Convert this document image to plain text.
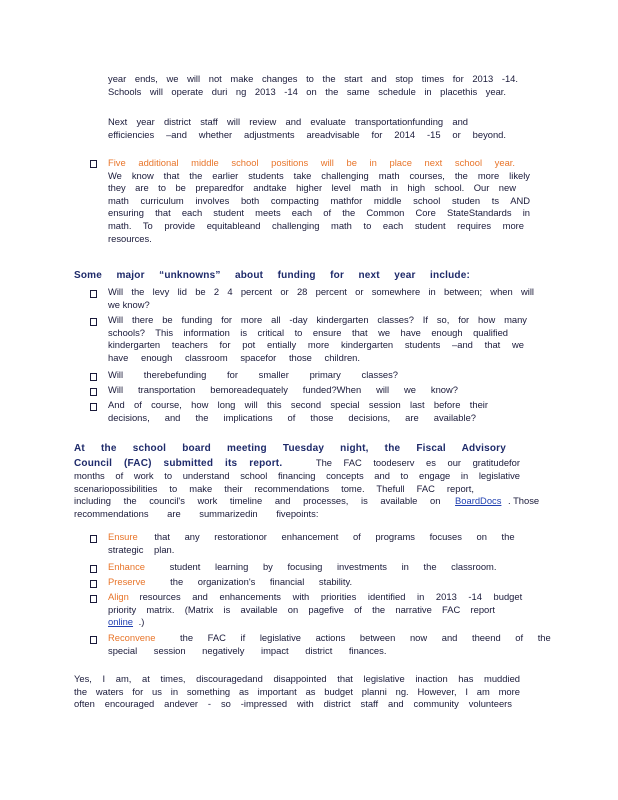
year ends, we will not make changes to the start and stop times for 2013 -14.
Schools will operate duri ng 2013 -14 on the same schedule in placethis year.
Next year district staff will review and evaluate transportationfunding and
efficiencies –and whether adjustments areadvisable for 2014 -15 or beyond.
Five additional middle school positions will be in place next school year.
We know that the earlier students take challenging math courses, the more likely
they are to be preparedfor andtake higher level math in high school. Our new
math curriculum involves both compacting mathfor middle school studen ts AND
ensuring that each student meets each of the Common Core StateStandards in
math. To provide equitableand challenging math to each student requires more
resources.
Some major “unknowns” about funding for next year include:
Will the levy lid be 2 4 percent or 28 percent or somewhere in between; when will
we know?
Will there be funding for more all -day kindergarten classes? If so, for how many
schools? This information is critical to ensure that we have enough qualified
kindergarten teachers for pot entially more kindergarten students –and that we
have enough classroom spacefor those children.
Will therebefunding for smaller primary classes?
Will transportation bemoreadequately funded?When will we know?
And of course, how long will this second special session last before their
decisions, and the implications of those decisions, are available?
At the school board meeting Tuesday night, the Fiscal Advisory
Council (FAC) submitted its report.	The FAC toodeserv es our gratitudefor
months of work to understand school financing concepts and to engage in legislative
scenariopossibilities to make their recommendations tome. Thefull FAC report,
including the council's work timeline and processes, is available on BoardDocs . Those
recommendations are summarizedin fivepoints:
Ensure that any restorationor enhancement of programs focuses on the
strategic plan.
Enhance	student learning by focusing investments in the classroom.
Preserve	the organization's financial stability.
Align resources and enhancements with priorities identified in 2013 -14 budget
priority matrix. (Matrix is available on pagefive of the narrative FAC report
online .)
Reconvene	the FAC if legislative actions between now and theend of the
special session negatively impact district finances.
Yes, I am, at times, discouragedand disappointed that legislative inaction has muddied
the waters for us in something as important as budget planni ng. However, I am more
often encouraged andever - so -impressed with district staff and community volunteers
